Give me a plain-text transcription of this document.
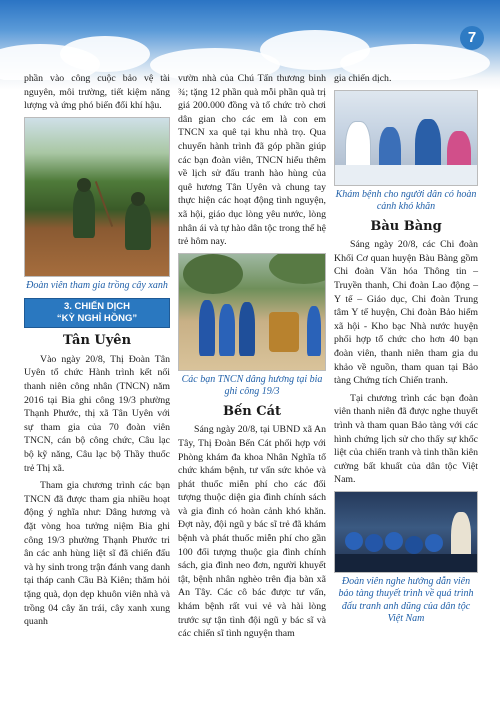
7

phần vào công cuộc bảo vệ tài nguyên, môi trường, tiết kiệm năng lượng và ứng phó biến đổi khí hậu.

Đoàn viên tham gia trồng cây xanh
3. CHIẾN DỊCH
“KỲ NGHỈ HỒNG”
Tân Uyên

Vào ngày 20/8, Thị Đoàn Tân Uyên tổ chức Hành trình kết nối thanh niên công nhân (TNCN) năm 2016 tại Bia ghi công 19/3 phường Thạnh Phước, thị xã Tân Uyên với sự tham gia của 70 đoàn viên TNCN, cán bộ công chức, Câu lạc bộ kỹ năng, Câu lạc bộ Thầy thuốc trẻ Thị xã.

Tham gia chương trình các bạn TNCN đã được tham gia nhiều hoạt động ý nghĩa như: Dâng hương và đặt vòng hoa tưởng niệm Bia ghi công 19/3 phường Thạnh Phước tri ân các anh hùng liệt sĩ đã chiến đấu và hy sinh trong trận đánh vang danh tại tháp canh Cầu Bà Kiên; thăm hỏi tặng quà, dọn dẹp khuôn viên nhà và trồng 04 cây ăn trái, cây xanh xung quanh

vườn nhà của Chú Tấn thương binh ¾; tặng 12 phần quà mỗi phần quà trị giá 200.000 đồng và tổ chức trò chơi dân gian cho các em là con em TNCN xa quê tại khu nhà trọ. Qua chuyến hành trình đã góp phần giúp các bạn đoàn viên, TNCN hiểu thêm về lịch sử đấu tranh hào hùng của quê hương Tân Uyên và chung tay thực hiện các hoạt động tình nguyện, xã hội, giáo dục lòng yêu nước, lòng nhân ái và tự hào dân tộc trong thế hệ trẻ hôm nay.

Các bạn TNCN dâng hương tại bia ghi công 19/3
Bến Cát

Sáng ngày 20/8, tại UBND xã An Tây, Thị Đoàn Bến Cát phối hợp với Phòng khám đa khoa Nhân Nghĩa tổ chức khám bệnh, tư vấn sức khỏe và phát thuốc miễn phí cho các đối tượng thuộc diện gia đình chính sách và gia đình có hoàn cảnh khó khăn. Đợt này, đội ngũ y bác sĩ trẻ đã khám bệnh và phát thuốc miễn phí cho gần 100 đối tượng thuộc gia đình chính sách, gia đình neo đơn, người khuyết tật, bệnh nhân nghèo trên địa bàn xã An Tây. Các cô bác được tư vấn, khám bệnh rất vui vẻ và hài lòng trước sự tận tình đội ngũ y bác sĩ và các chiến sĩ tình nguyện tham

gia chiến dịch.

Khám bệnh cho người dân có hoàn cảnh khó khăn
Bàu Bàng

Sáng ngày 20/8, các Chi đoàn Khối Cơ quan huyện Bàu Bàng gồm Chi đoàn Văn hóa Thông tin –Truyền thanh, Chi đoàn Lao động – Y tế – Giáo dục, Chi đoàn Trung tâm Y tế huyện, Chi đoàn Bảo hiểm xã hội - Kho bạc Nhà nước huyện phối hợp tổ chức cho hơn 40 bạn đoàn viên, thanh niên tham gia du khảo về nguồn, tham quan tại Bảo tàng Chứng tích Chiến tranh.

Tại chương trình các bạn đoàn viên thanh niên đã được nghe thuyết trình và tham quan Bảo tàng với các hình chứng lịch sử cho thấy sự khốc liệt của chiến tranh và tinh thần kiên cường bất khuất của dân tộc Việt Nam.

Đoàn viên nghe hướng dẫn viên bảo tàng thuyết trình về quá trình đấu tranh anh dũng của dân tộc Việt Nam
